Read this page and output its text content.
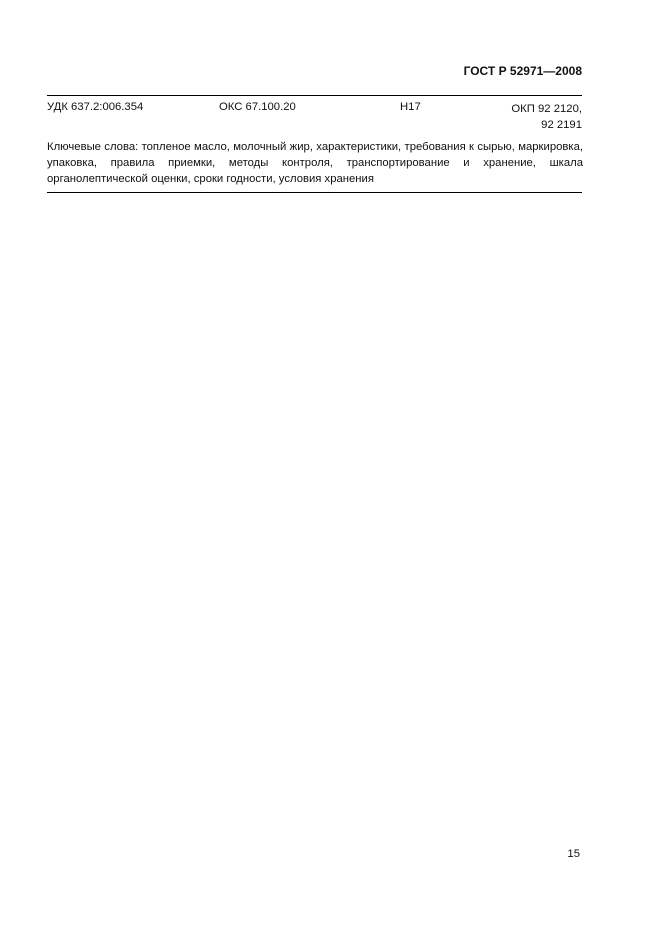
ГОСТ Р 52971—2008
УДК 637.2:006.354	ОКС 67.100.20	Н17	ОКП 92 2120,
92 2191
Ключевые слова: топленое масло, молочный жир, характеристики, требования к сырью, маркировка, упаковка, правила приемки, методы контроля, транспортирование и хранение, шкала органолептической оценки, сроки годности, условия хранения
15
